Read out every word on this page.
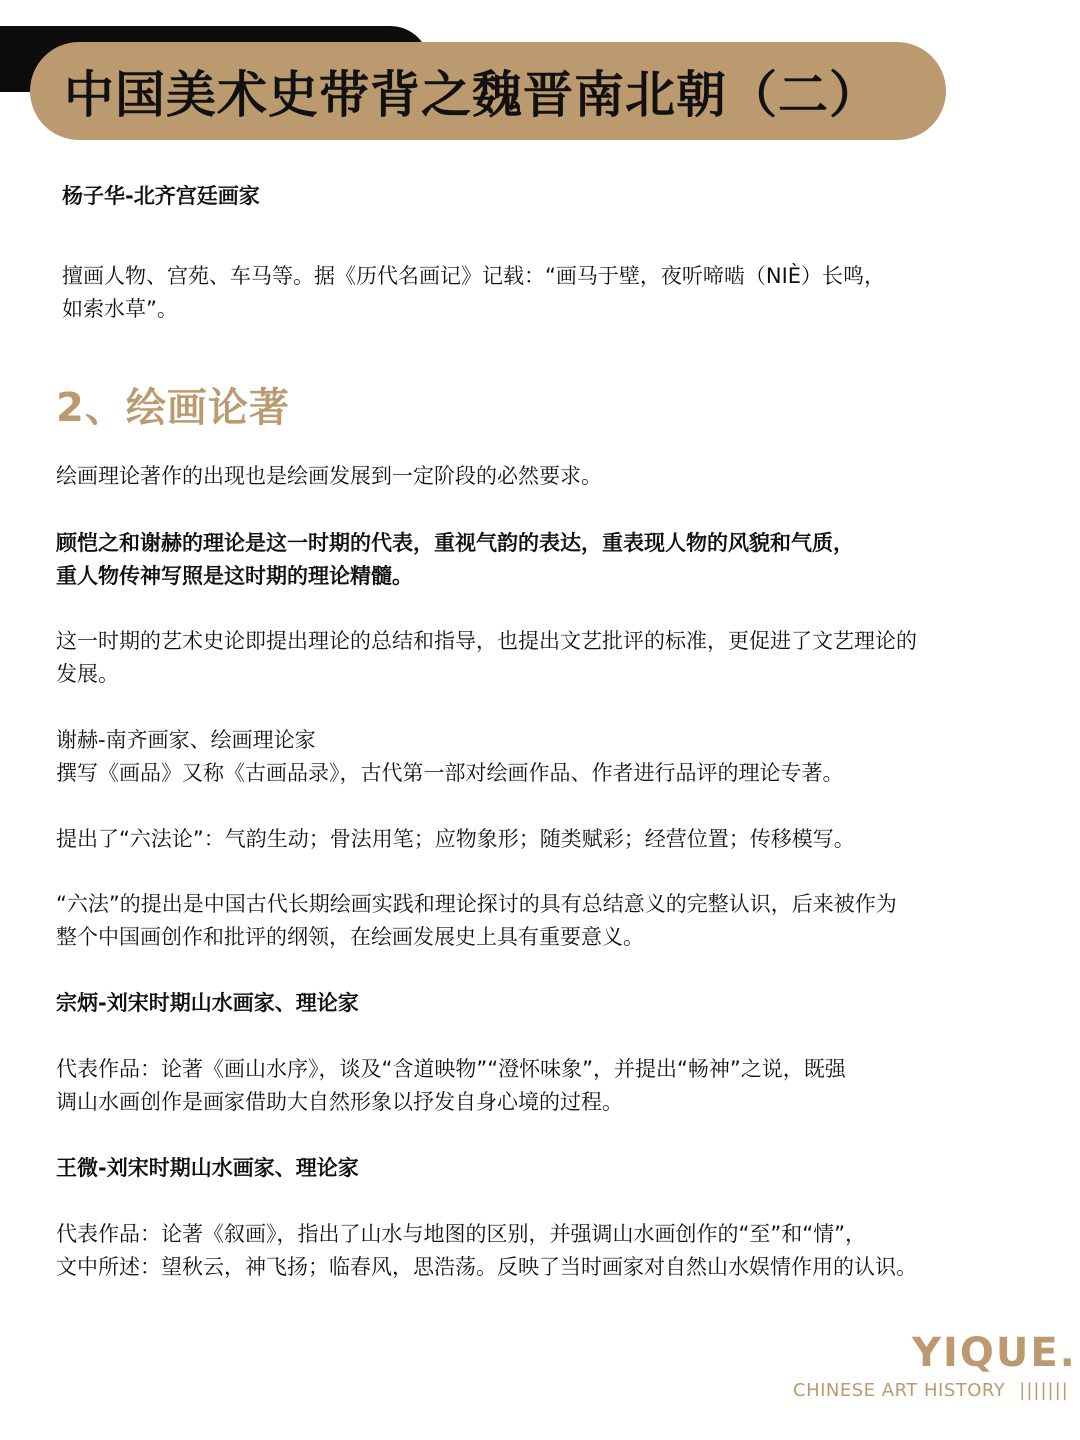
中国美术史带背之魏晋南北朝（二）

杨子华-北齐宫廷画家

擅画人物、宫苑、车马等。据《历代名画记》记载：“画马于壁，夜听啼啮（NIÈ）长鸣，
如索水草”。

2、绘画论著

绘画理论著作的出现也是绘画发展到一定阶段的必然要求。

顾恺之和谢赫的理论是这一时期的代表，重视气韵的表达，重表现人物的风貌和气质，
重人物传神写照是这时期的理论精髓。

这一时期的艺术史论即提出理论的总结和指导，也提出文艺批评的标准，更促进了文艺理论的
发展。

谢赫-南齐画家、绘画理论家
撰写《画品》又称《古画品录》，古代第一部对绘画作品、作者进行品评的理论专著。

提出了“六法论”：气韵生动；骨法用笔；应物象形；随类赋彩；经营位置；传移模写。

“六法”的提出是中国古代长期绘画实践和理论探讨的具有总结意义的完整认识，后来被作为
整个中国画创作和批评的纲领，在绘画发展史上具有重要意义。

宗炳-刘宋时期山水画家、理论家

代表作品：论著《画山水序》，谈及“含道映物”“澄怀味象”，并提出“畅神”之说，既强
调山水画创作是画家借助大自然形象以抒发自身心境的过程。

王微-刘宋时期山水画家、理论家

代表作品：论著《叙画》，指出了山水与地图的区别，并强调山水画创作的“至”和“情”，
文中所述：望秋云，神飞扬；临春风，思浩荡。反映了当时画家对自然山水娱情作用的认识。

YIQUE.

CHINESE ART HISTORY |||||||
